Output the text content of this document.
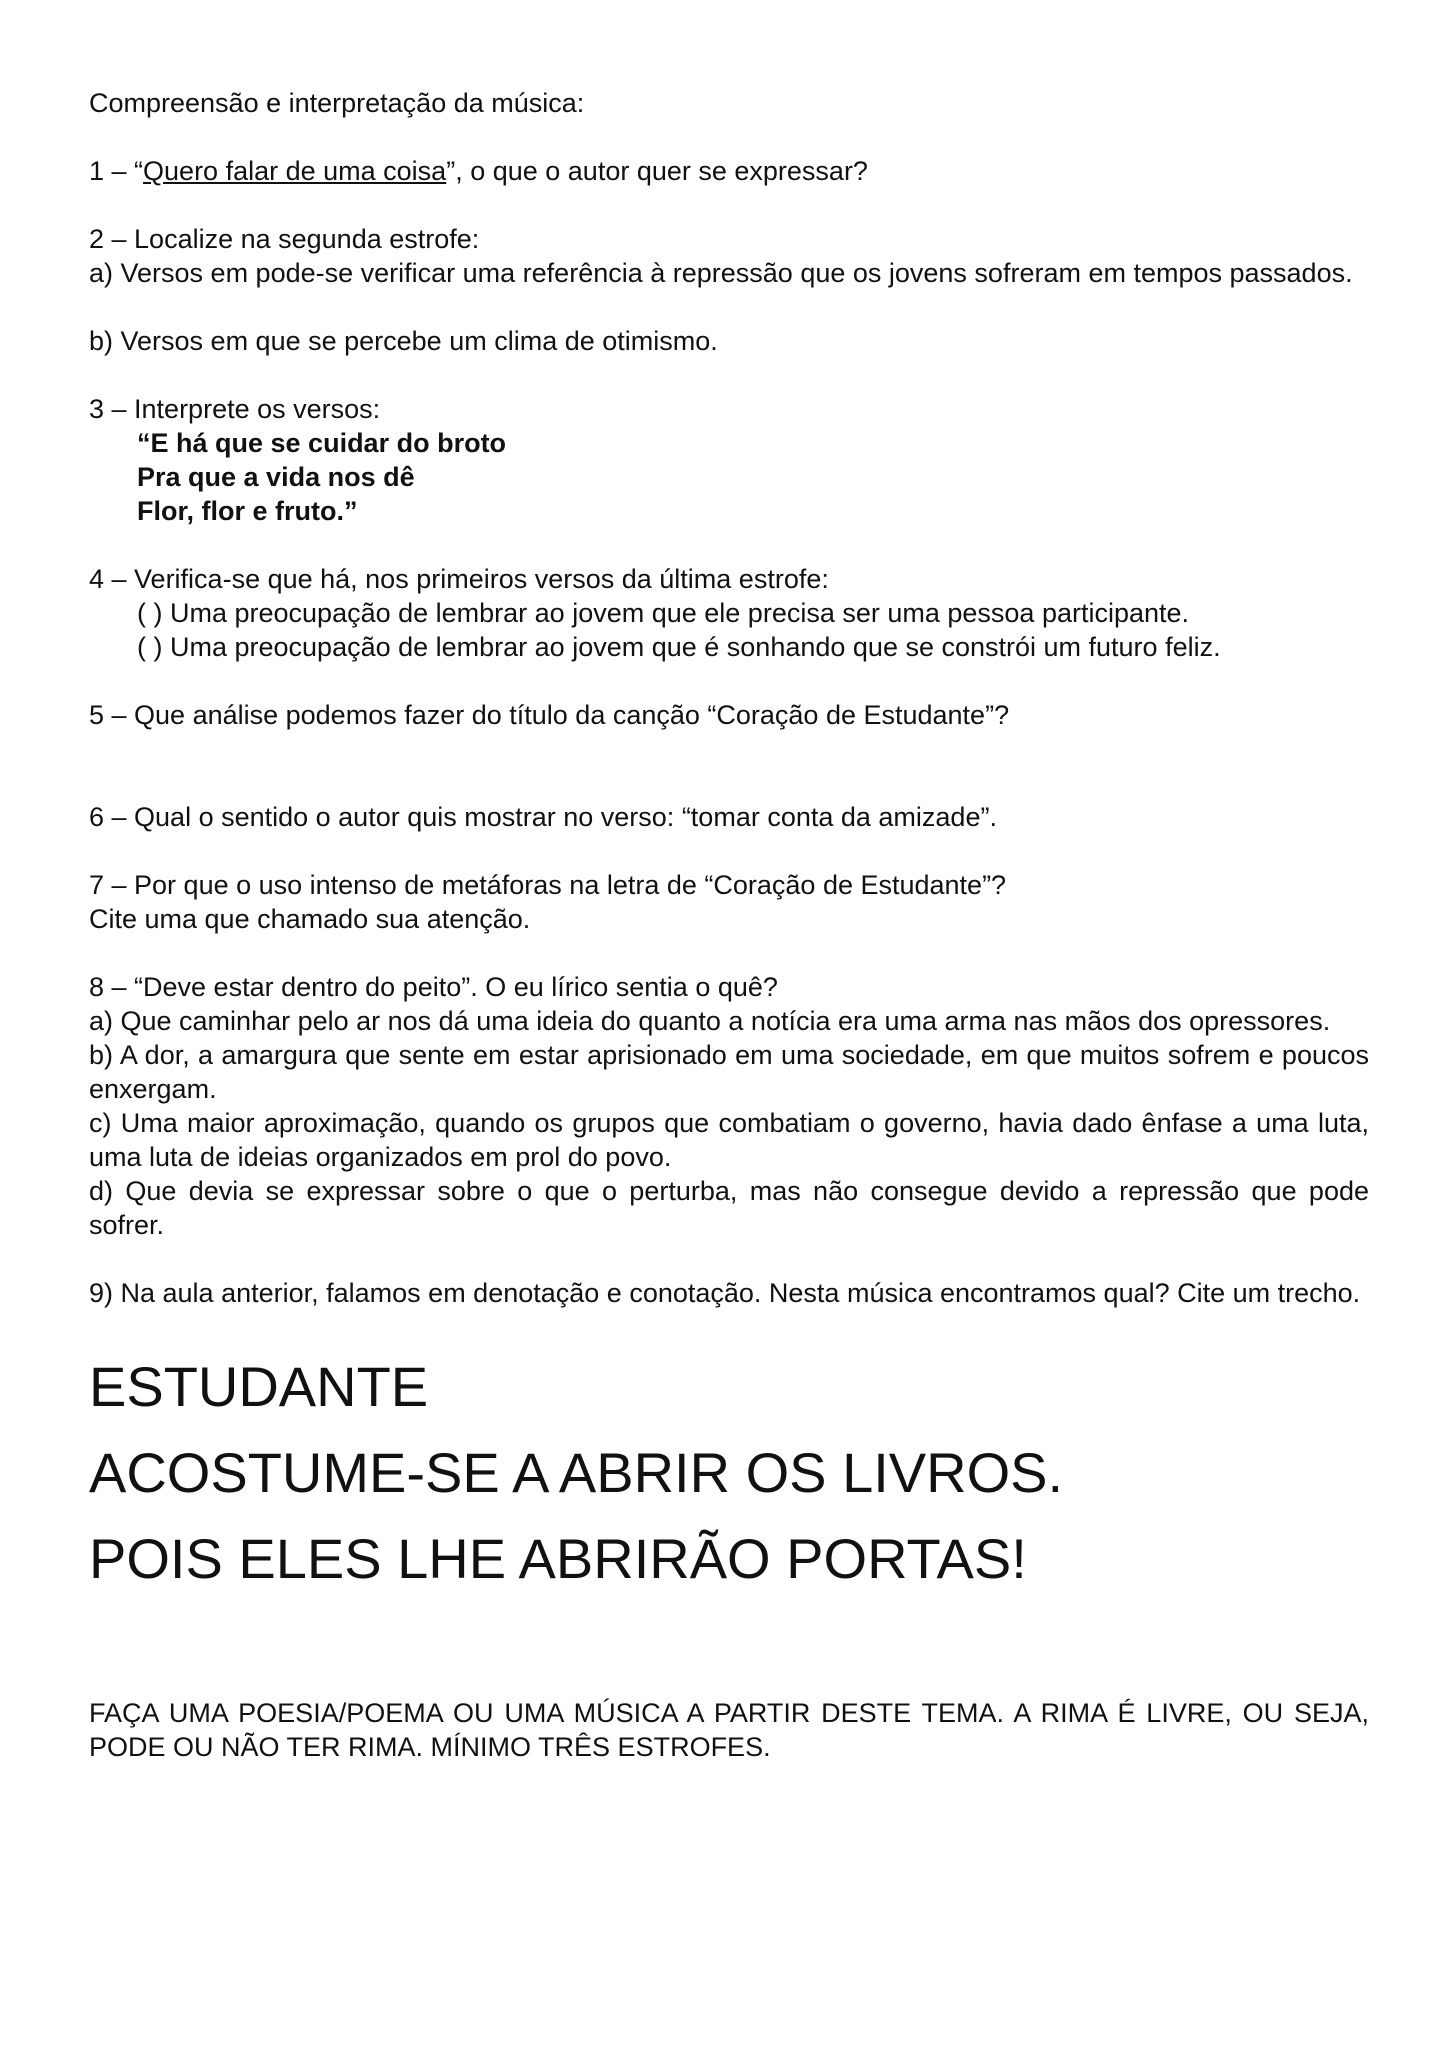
Compreensão e interpretação da música:

1 – “Quero falar de uma coisa”, o que o autor quer se expressar?

2 – Localize na segunda estrofe:

a) Versos em pode-se verificar uma referência à repressão que os jovens sofreram em tempos passados.

b) Versos em que se percebe um clima de otimismo.

3 – Interprete os versos:

“E há que se cuidar do broto

Pra que a vida nos dê

Flor, flor e fruto.”

4 – Verifica-se que há, nos primeiros versos da última estrofe:

( ) Uma preocupação de lembrar ao jovem que ele precisa ser uma pessoa participante.

( ) Uma preocupação de lembrar ao jovem que é sonhando que se constrói um futuro feliz.

5 – Que análise podemos fazer do título da canção “Coração de Estudante”?

6 – Qual o sentido o autor quis mostrar no verso: “tomar conta da amizade”.

7 – Por que o uso intenso de metáforas na letra de “Coração de Estudante”?

Cite uma que chamado sua atenção.

8 – “Deve estar dentro do peito”. O eu lírico sentia o quê?

a) Que caminhar pelo ar nos dá uma ideia do quanto a notícia era uma arma nas mãos dos opressores.

b) A dor, a amargura que sente em estar aprisionado em uma sociedade, em que muitos sofrem e poucos enxergam.

c) Uma maior aproximação, quando os grupos que combatiam o governo, havia dado ênfase a uma luta, uma luta de ideias organizados em prol do povo.

d) Que devia se expressar sobre o que o perturba, mas não consegue devido a repressão que pode sofrer.

9) Na aula anterior, falamos em denotação e conotação. Nesta música encontramos qual? Cite um trecho.

ESTUDANTE

ACOSTUME-SE A ABRIR OS LIVROS.

POIS ELES LHE ABRIRÃO PORTAS!

FAÇA UMA POESIA/POEMA OU UMA MÚSICA A PARTIR DESTE TEMA. A RIMA É LIVRE, OU SEJA, PODE OU NÃO TER RIMA. MÍNIMO TRÊS ESTROFES.
